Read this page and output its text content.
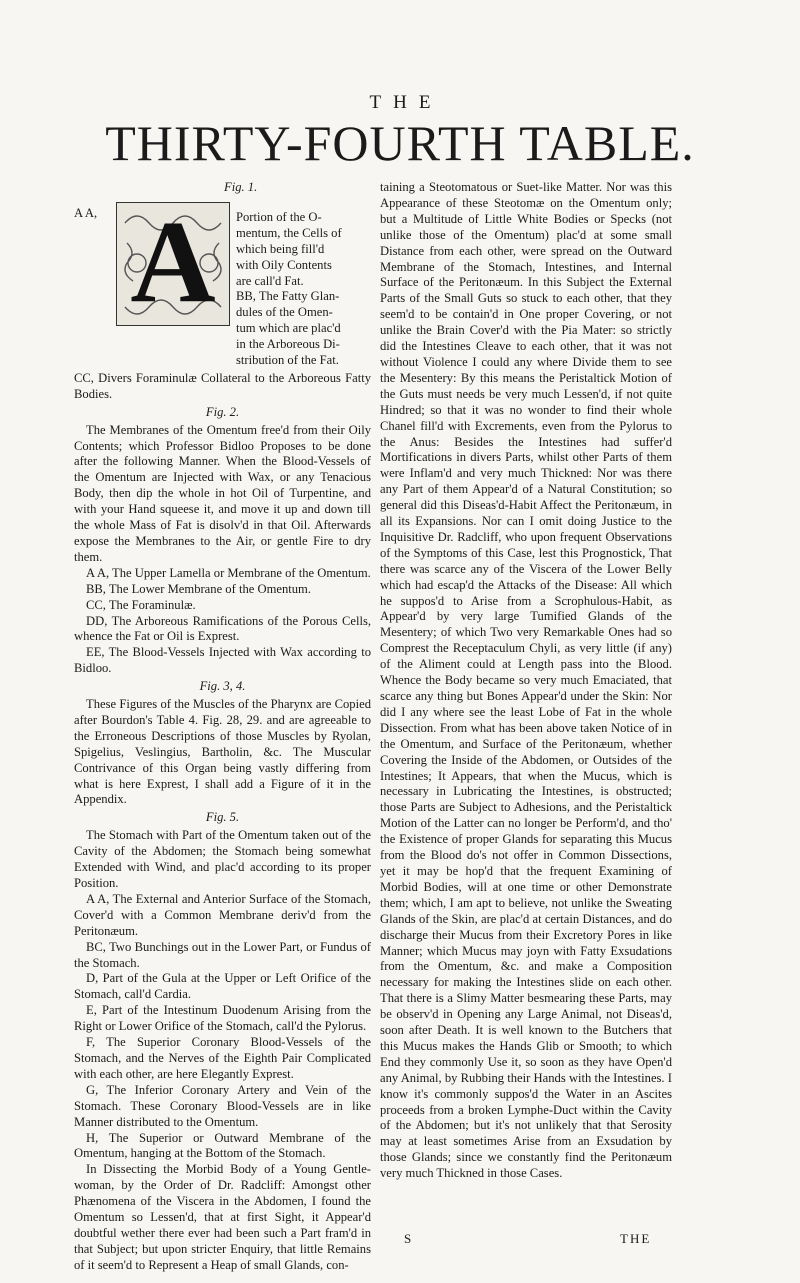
THE
THIRTY-FOURTH TABLE.

Fig. 1.

A A, A	Portion of the O-

mentum, the Cells of

which being fill'd

with Oily Contents

are call'd Fat.

BB, The Fatty Glan-

dules of the Omen-

tum which are plac'd

in the Arboreous Di-

stribution of the Fat.

CC, Divers Foraminulæ Collateral to the Arboreous Fatty Bodies.

Fig. 2.

The Membranes of the Omentum free'd from their Oily Contents; which Professor Bidloo Proposes to be done after the following Manner. When the Blood-Vessels of the Omentum are Injected with Wax, or any Tenacious Body, then dip the whole in hot Oil of Turpentine, and with your Hand squeese it, and move it up and down till the whole Mass of Fat is disolv'd in that Oil. Afterwards expose the Membranes to the Air, or gentle Fire to dry them.

A A, The Upper Lamella or Membrane of the Omentum.

BB, The Lower Membrane of the Omentum.

CC, The Foraminulæ.

DD, The Arboreous Ramifications of the Porous Cells, whence the Fat or Oil is Exprest.

EE, The Blood-Vessels Injected with Wax according to Bidloo.

Fig. 3, 4.

These Figures of the Muscles of the Pharynx are Copied after Bourdon's Table 4. Fig. 28, 29. and are agreeable to the Erroneous Descriptions of those Muscles by Ryolan, Spigelius, Veslingius, Bartholin, &c. The Muscular Contrivance of this Organ being vastly differing from what is here Exprest, I shall add a Figure of it in the Appendix.

Fig. 5.

The Stomach with Part of the Omentum taken out of the Cavity of the Abdomen; the Stomach being somewhat Extended with Wind, and plac'd according to its proper Position.

A A, The External and Anterior Surface of the Stomach, Cover'd with a Common Membrane deriv'd from the Peritonæum.

BC, Two Bunchings out in the Lower Part, or Fundus of the Stomach.

D, Part of the Gula at the Upper or Left Orifice of the Stomach, call'd Cardia.

E, Part of the Intestinum Duodenum Arising from the Right or Lower Orifice of the Stomach, call'd the Pylorus.

F, The Superior Coronary Blood-Vessels of the Stomach, and the Nerves of the Eighth Pair Complicated with each other, are here Elegantly Exprest.

G, The Inferior Coronary Artery and Vein of the Stomach. These Coronary Blood-Vessels are in like Manner distributed to the Omentum.

H, The Superior or Outward Membrane of the Omentum, hanging at the Bottom of the Stomach.

In Dissecting the Morbid Body of a Young Gentle-woman, by the Order of Dr. Radcliff: Amongst other Phænomena of the Viscera in the Abdomen, I found the Omentum so Lessen'd, that at first Sight, it Appear'd doubtful wether there ever had been such a Part fram'd in that Subject; but upon stricter Enquiry, that little Remains of it seem'd to Represent a Heap of small Glands, con-

taining a Steotomatous or Suet-like Matter. Nor was this Appearance of these Steotomæ on the Omentum only; but a Multitude of Little White Bodies or Specks (not unlike those of the Omentum) plac'd at some small Distance from each other, were spread on the Outward Membrane of the Stomach, Intestines, and Internal Surface of the Peritonæum. In this Subject the External Parts of the Small Guts so stuck to each other, that they seem'd to be contain'd in One proper Covering, or not unlike the Brain Cover'd with the Pia Mater: so strictly did the Intestines Cleave to each other, that it was not without Violence I could any where Divide them to see the Mesentery: By this means the Peristaltick Motion of the Guts must needs be very much Lessen'd, if not quite Hindred; so that it was no wonder to find their whole Chanel fill'd with Excrements, even from the Pylorus to the Anus: Besides the Intestines had suffer'd Mortifications in divers Parts, whilst other Parts of them were Inflam'd and very much Thickned: Nor was there any Part of them Appear'd of a Natural Constitution; so general did this Diseas'd-Habit Affect the Peritonæum, in all its Expansions. Nor can I omit doing Justice to the Inquisitive Dr. Radcliff, who upon frequent Observations of the Symptoms of this Case, lest this Prognostick, That there was scarce any of the Viscera of the Lower Belly which had escap'd the Attacks of the Disease: All which he suppos'd to Arise from a Scrophulous-Habit, as Appear'd by very large Tumified Glands of the Mesentery; of which Two very Remarkable Ones had so Comprest the Receptaculum Chyli, as very little (if any) of the Aliment could at Length pass into the Blood. Whence the Body became so very much Emaciated, that scarce any thing but Bones Appear'd under the Skin: Nor did I any where see the least Lobe of Fat in the whole Dissection. From what has been above taken Notice of in the Omentum, and Surface of the Peritonæum, whether Covering the Inside of the Abdomen, or Outsides of the Intestines; It Appears, that when the Mucus, which is necessary in Lubricating the Intestines, is obstructed; those Parts are Subject to Adhesions, and the Peristaltick Motion of the Latter can no longer be Perform'd, and tho' the Existence of proper Glands for separating this Mucus from the Blood do's not offer in Common Dissections, yet it may be hop'd that the frequent Examining of Morbid Bodies, will at one time or other Demonstrate them; which, I am apt to believe, not unlike the Sweating Glands of the Skin, are plac'd at certain Distances, and do discharge their Mucus from their Excretory Pores in like Manner; which Mucus may joyn with Fatty Exsudations from the Omentum, &c. and make a Composition necessary for making the Intestines slide on each other. That there is a Slimy Matter besmearing these Parts, may be observ'd in Opening any Large Animal, not Diseas'd, soon after Death. It is well known to the Butchers that this Mucus makes the Hands Glib or Smooth; to which End they commonly Use it, so soon as they have Open'd any Animal, by Rubbing their Hands with the Intestines. I know it's commonly suppos'd the Water in an Ascites proceeds from a broken Lymphe-Duct within the Cavity of the Abdomen; but it's not unlikely that that Serosity may at least sometimes Arise from an Exsudation by those Glands; since we constantly find the Peritonæum very much Thickned in those Cases.

S	THE
